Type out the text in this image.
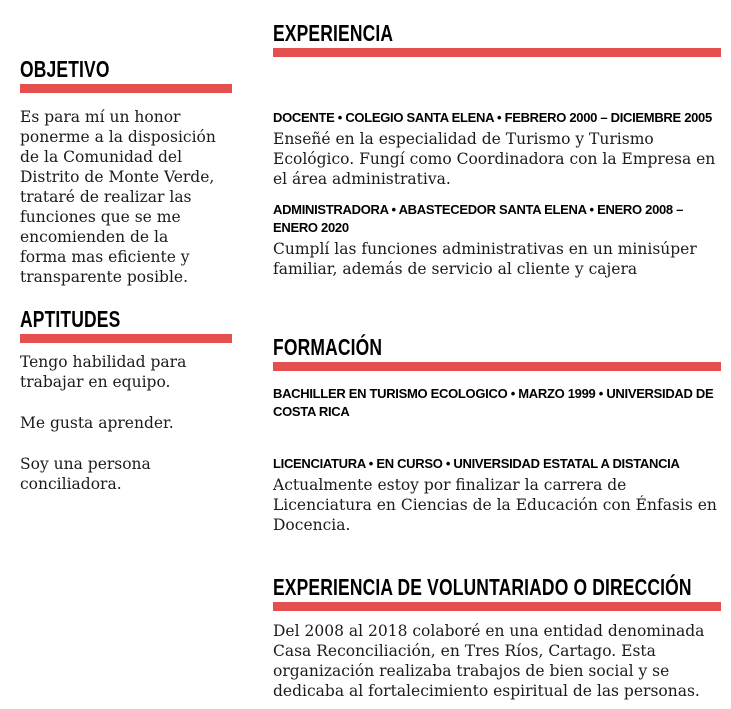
OBJETIVO

Es para mí un honor ponerme a la disposición de la Comunidad del Distrito de Monte Verde, trataré de realizar las funciones que se me encomienden de la forma mas eficiente y transparente posible.

APTITUDES

Tengo habilidad para trabajar en equipo.

Me gusta aprender.

Soy una persona conciliadora.

EXPERIENCIA

DOCENTE • COLEGIO SANTA ELENA • FEBRERO 2000 – DICIEMBRE 2005

Enseñé en la especialidad de Turismo y Turismo Ecológico. Fungí como Coordinadora con la Empresa en el área administrativa.

ADMINISTRADORA • ABASTECEDOR SANTA ELENA • ENERO 2008 – ENERO 2020

Cumplí las funciones administrativas en un minisúper familiar, además de servicio al cliente y cajera

FORMACIÓN

BACHILLER EN TURISMO ECOLOGICO • MARZO 1999 • UNIVERSIDAD DE COSTA RICA

LICENCIATURA • EN CURSO • UNIVERSIDAD ESTATAL A DISTANCIA

Actualmente estoy por finalizar la carrera de Licenciatura en Ciencias de la Educación con Énfasis en Docencia.

EXPERIENCIA DE VOLUNTARIADO O DIRECCIÓN

Del 2008 al 2018 colaboré en una entidad denominada Casa Reconciliación, en Tres Ríos, Cartago. Esta organización realizaba trabajos de bien social y se dedicaba al fortalecimiento espiritual de las personas.
